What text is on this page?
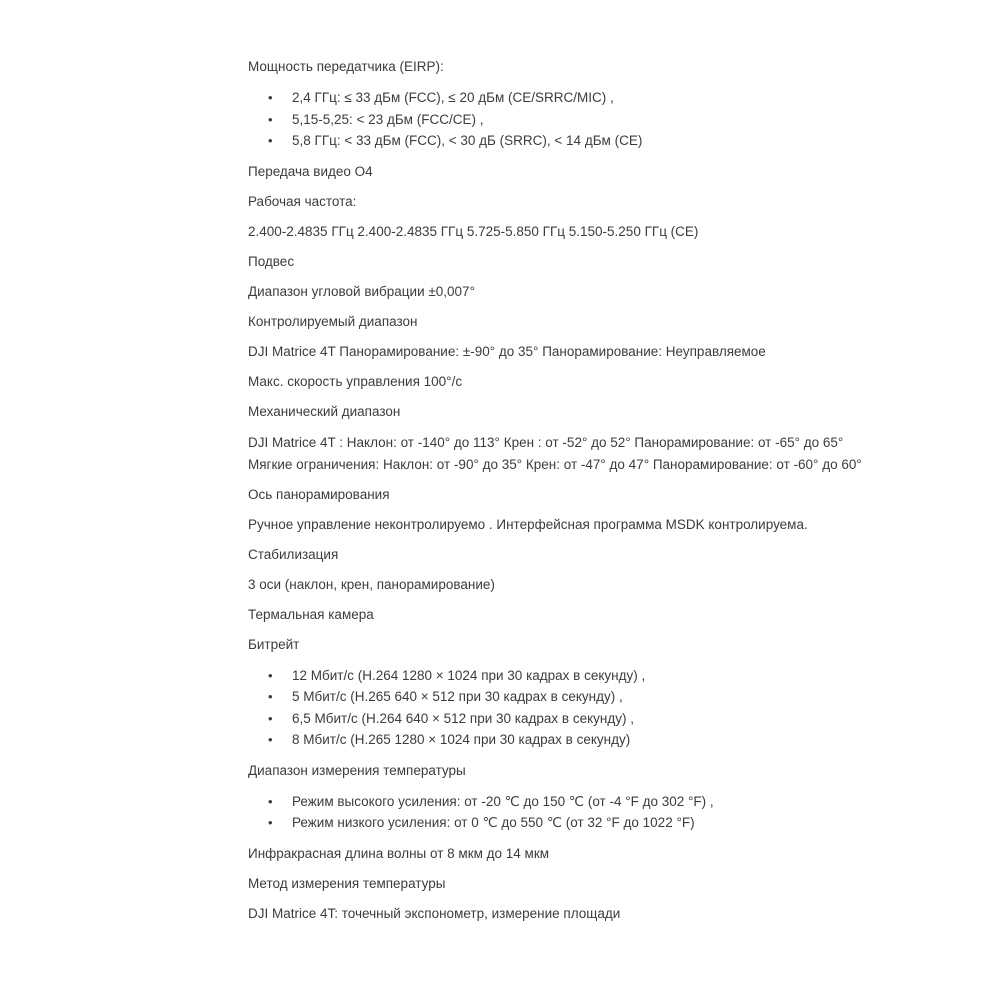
Мощность передатчика (EIRP):
•	2,4 ГГц: ≤ 33 дБм (FCC), ≤ 20 дБм (CE/SRRC/MIC) ,
•	5,15-5,25: < 23 дБм (FCC/CE) ,
•	5,8 ГГц: < 33 дБм (FCC), < 30 дБ (SRRC), < 14 дБм (CE)
Передача видео O4
Рабочая частота:
2.400-2.4835 ГГц 2.400-2.4835 ГГц 5.725-5.850 ГГц 5.150-5.250 ГГц (CE)
Подвес
Диапазон угловой вибрации ±0,007°
Контролируемый диапазон
DJI Matrice 4T Панорамирование: ±-90° до 35° Панорамирование: Неуправляемое
Макс. скорость управления 100°/с
Механический диапазон
DJI Matrice 4T : Наклон: от -140° до 113° Крен : от -52° до 52° Панорамирование: от -65° до 65°
Мягкие ограничения: Наклон: от -90° до 35° Крен: от -47° до 47° Панорамирование: от -60° до 60°
Ось панорамирования
Ручное управление неконтролируемо . Интерфейсная программа MSDK контролируема.
Стабилизация
3 оси (наклон, крен, панорамирование)
Термальная камера
Битрейт
•	12 Мбит/с (H.264 1280 × 1024 при 30 кадрах в секунду) ,
•	5 Мбит/с (H.265 640 × 512 при 30 кадрах в секунду) ,
•	6,5 Мбит/с (H.264 640 × 512 при 30 кадрах в секунду) ,
•	8 Мбит/с (H.265 1280 × 1024 при 30 кадрах в секунду)
Диапазон измерения температуры
•	Режим высокого усиления: от -20 ℃ до 150 ℃ (от -4 °F до 302 °F) ,
•	Режим низкого усиления: от 0 ℃ до 550 ℃ (от 32 °F до 1022 °F)
Инфракрасная длина волны от 8 мкм до 14 мкм
Метод измерения температуры
DJI Matrice 4T: точечный экспонометр, измерение площади
